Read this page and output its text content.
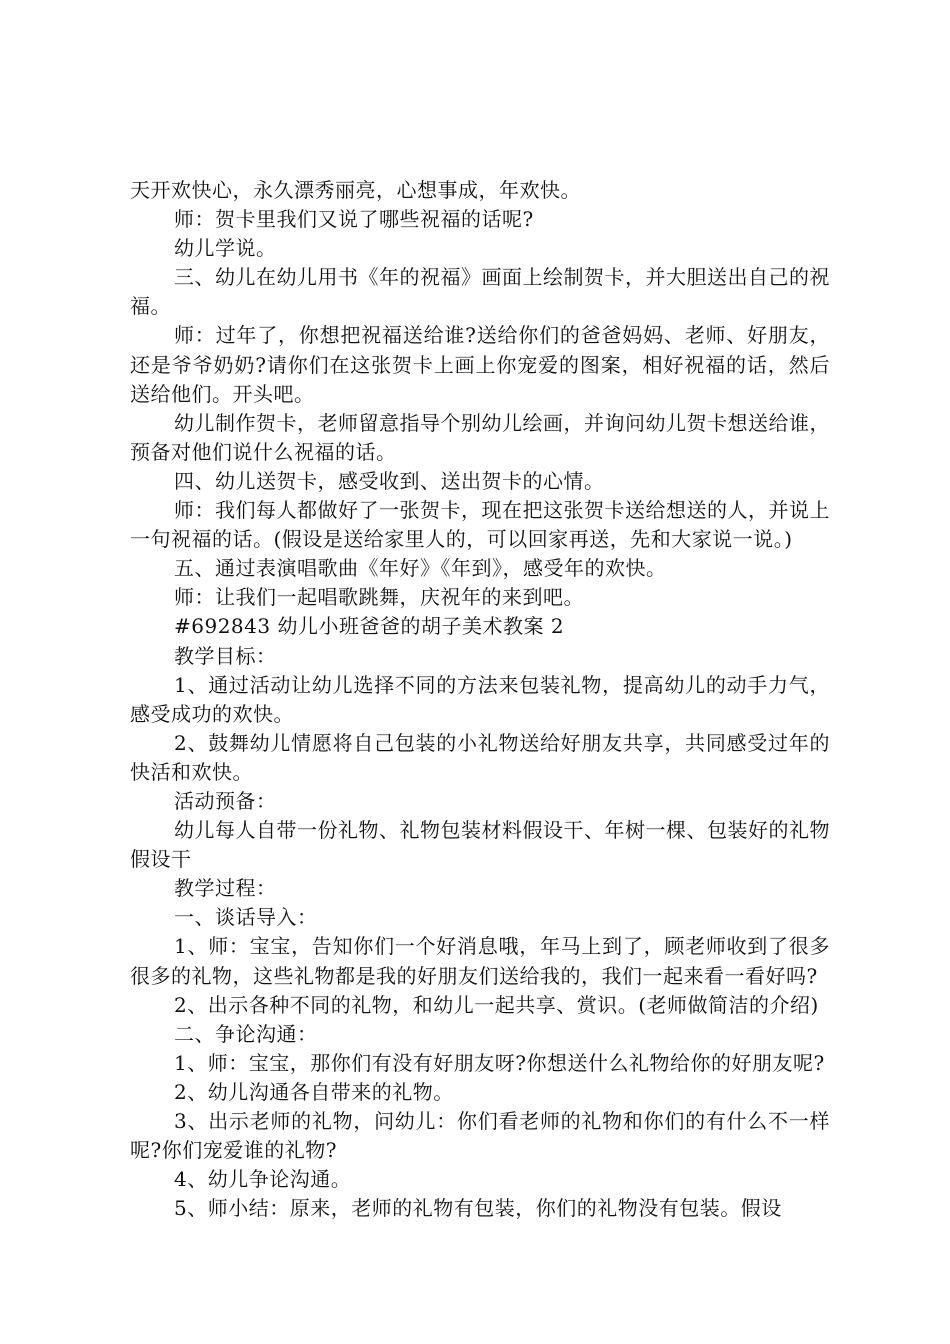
天开欢快心，永久漂秀丽亮，心想事成，年欢快。

师：贺卡里我们又说了哪些祝福的话呢?

幼儿学说。

三、幼儿在幼儿用书《年的祝福》画面上绘制贺卡，并大胆送出自己的祝福。

师：过年了，你想把祝福送给谁?送给你们的爸爸妈妈、老师、好朋友，还是爷爷奶奶?请你们在这张贺卡上画上你宠爱的图案，相好祝福的话，然后送给他们。开头吧。

幼儿制作贺卡，老师留意指导个别幼儿绘画，并询问幼儿贺卡想送给谁，预备对他们说什么祝福的话。

四、幼儿送贺卡，感受收到、送出贺卡的心情。

师：我们每人都做好了一张贺卡，现在把这张贺卡送给想送的人，并说上一句祝福的话。(假设是送给家里人的，可以回家再送，先和大家说一说。)

五、通过表演唱歌曲《年好》《年到》，感受年的欢快。

师：让我们一起唱歌跳舞，庆祝年的来到吧。

#692843 幼儿小班爸爸的胡子美术教案 2

教学目标：

1、通过活动让幼儿选择不同的方法来包装礼物，提高幼儿的动手力气，感受成功的欢快。

2、鼓舞幼儿情愿将自己包装的小礼物送给好朋友共享，共同感受过年的快活和欢快。

活动预备：

幼儿每人自带一份礼物、礼物包装材料假设干、年树一棵、包装好的礼物假设干

教学过程：

一、谈话导入：

1、师：宝宝，告知你们一个好消息哦，年马上到了，顾老师收到了很多很多的礼物，这些礼物都是我的好朋友们送给我的，我们一起来看一看好吗?

2、出示各种不同的礼物，和幼儿一起共享、赏识。(老师做简洁的介绍)

二、争论沟通：

1、师：宝宝，那你们有没有好朋友呀?你想送什么礼物给你的好朋友呢?

2、幼儿沟通各自带来的礼物。

3、出示老师的礼物，问幼儿：你们看老师的礼物和你们的有什么不一样呢?你们宠爱谁的礼物?

4、幼儿争论沟通。

5、师小结：原来，老师的礼物有包装，你们的礼物没有包装。假设
